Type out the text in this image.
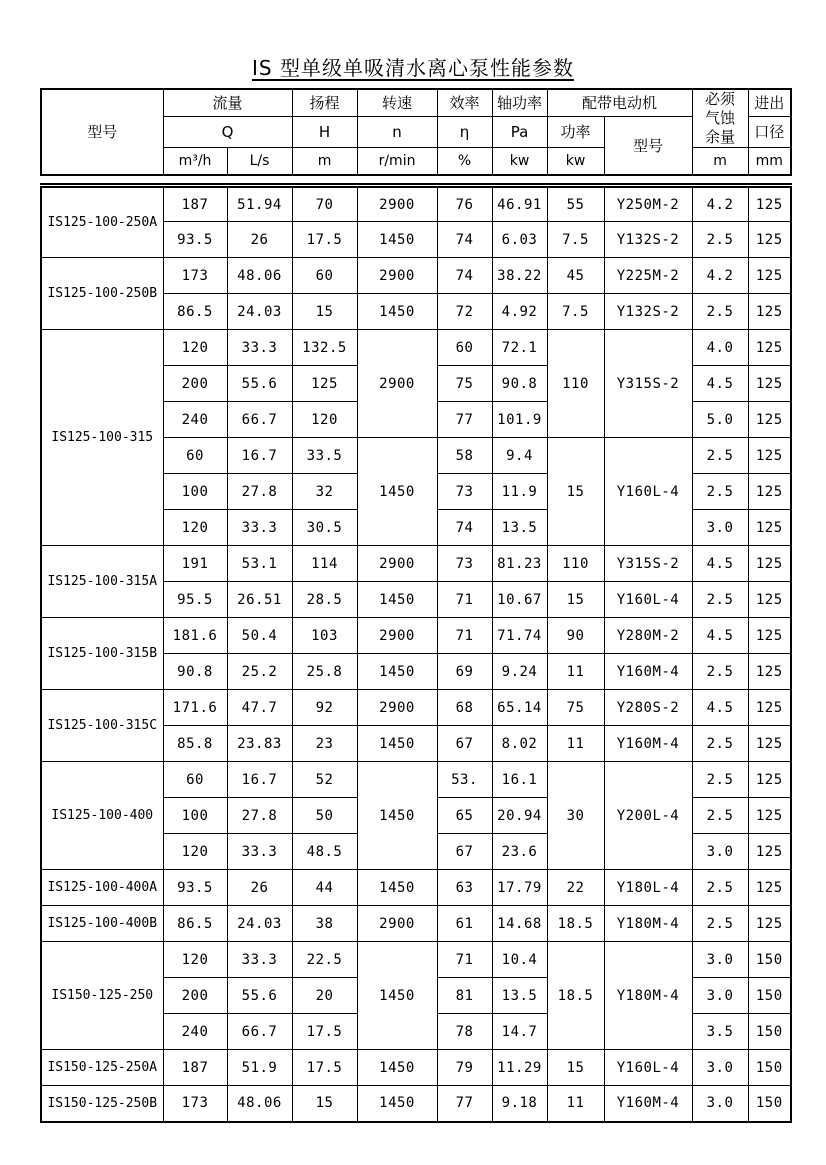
IS 型单级单吸清水离心泵性能参数
型号	流量		扬程	转速	效率	轴功率	配带电动机		必须气蚀余量	进出
	Q		H	n	η	Pa	功率	型号		口径
	m³/h	L/s	m	r/min	%	kw	kw		m	mm
IS125-100-250A	187	51.94	70	2900	76	46.91	55	Y250M-2	4.2	125
	93.5	26	17.5	1450	74	6.03	7.5	Y132S-2	2.5	125
IS125-100-250B	173	48.06	60	2900	74	38.22	45	Y225M-2	4.2	125
	86.5	24.03	15	1450	72	4.92	7.5	Y132S-2	2.5	125
IS125-100-315	120	33.3	132.5	2900	60	72.1	110	Y315S-2	4.0	125
	200	55.6	125		75	90.8			4.5	125
	240	66.7	120		77	101.9			5.0	125
	60	16.7	33.5	1450	58	9.4	15	Y160L-4	2.5	125
	100	27.8	32		73	11.9			2.5	125
	120	33.3	30.5		74	13.5			3.0	125
IS125-100-315A	191	53.1	114	2900	73	81.23	110	Y315S-2	4.5	125
	95.5	26.51	28.5	1450	71	10.67	15	Y160L-4	2.5	125
IS125-100-315B	181.6	50.4	103	2900	71	71.74	90	Y280M-2	4.5	125
	90.8	25.2	25.8	1450	69	9.24	11	Y160M-4	2.5	125
IS125-100-315C	171.6	47.7	92	2900	68	65.14	75	Y280S-2	4.5	125
	85.8	23.83	23	1450	67	8.02	11	Y160M-4	2.5	125
IS125-100-400	60	16.7	52	1450	53.	16.1	30	Y200L-4	2.5	125
	100	27.8	50		65	20.94			2.5	125
	120	33.3	48.5		67	23.6			3.0	125
IS125-100-400A	93.5	26	44	1450	63	17.79	22	Y180L-4	2.5	125
IS125-100-400B	86.5	24.03	38	2900	61	14.68	18.5	Y180M-4	2.5	125
IS150-125-250	120	33.3	22.5	1450	71	10.4	18.5	Y180M-4	3.0	150
	200	55.6	20		81	13.5			3.0	150
	240	66.7	17.5		78	14.7			3.5	150
IS150-125-250A	187	51.9	17.5	1450	79	11.29	15	Y160L-4	3.0	150
IS150-125-250B	173	48.06	15	1450	77	9.18	11	Y160M-4	3.0	150
